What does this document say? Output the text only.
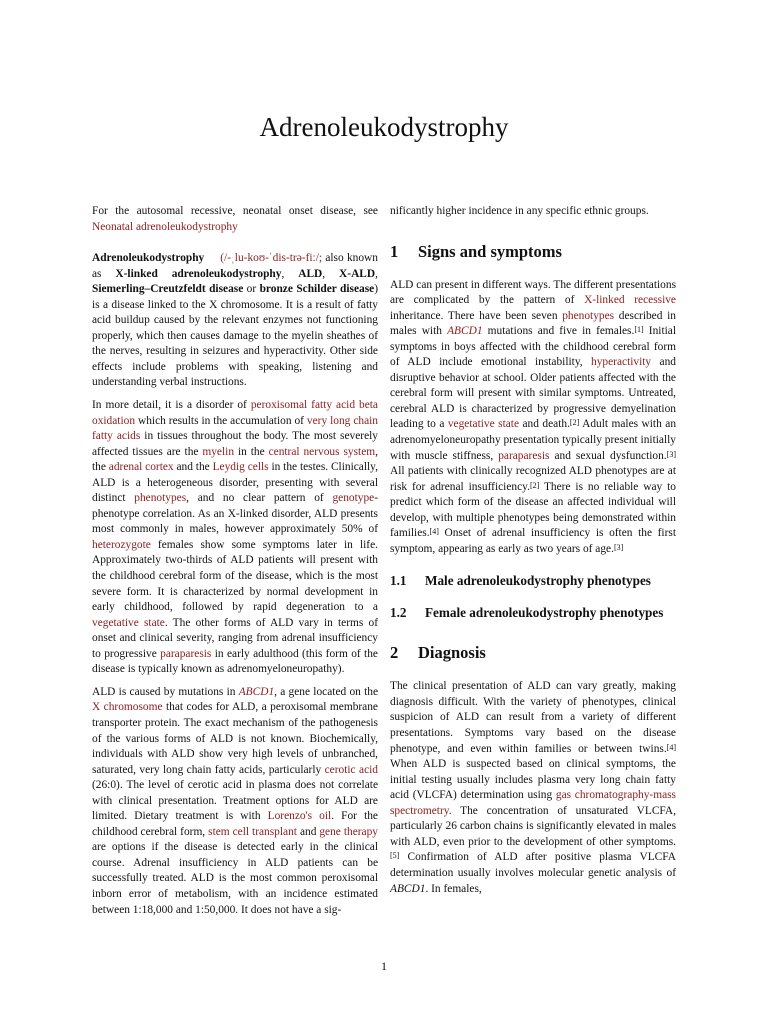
Adrenoleukodystrophy

For the autosomal recessive, neonatal onset disease, see Neonatal adrenoleukodystrophy

Adrenoleukodystrophy (/-ˌlu-koʊ-ˈdis-trə-fiː/; also known as X-linked adrenoleukodystrophy, ALD, X-ALD, Siemerling–Creutzfeldt disease or bronze Schilder disease) is a disease linked to the X chromosome. It is a result of fatty acid buildup caused by the relevant enzymes not functioning properly, which then causes damage to the myelin sheathes of the nerves, resulting in seizures and hyperactivity. Other side effects include problems with speaking, listening and understanding verbal instructions.

In more detail, it is a disorder of peroxisomal fatty acid beta oxidation which results in the accumulation of very long chain fatty acids in tissues throughout the body. The most severely affected tissues are the myelin in the central nervous system, the adrenal cortex and the Leydig cells in the testes. Clinically, ALD is a heterogeneous disorder, presenting with several distinct phenotypes, and no clear pattern of genotype-phenotype correlation. As an X-linked disorder, ALD presents most commonly in males, however approximately 50% of heterozygote females show some symptoms later in life. Approximately two-thirds of ALD patients will present with the childhood cerebral form of the disease, which is the most severe form. It is characterized by normal development in early childhood, followed by rapid degeneration to a vegetative state. The other forms of ALD vary in terms of onset and clinical severity, ranging from adrenal insufficiency to progressive paraparesis in early adulthood (this form of the disease is typically known as adrenomyeloneuropathy).

ALD is caused by mutations in ABCD1, a gene located on the X chromosome that codes for ALD, a peroxisomal membrane transporter protein. The exact mechanism of the pathogenesis of the various forms of ALD is not known. Biochemically, individuals with ALD show very high levels of unbranched, saturated, very long chain fatty acids, particularly cerotic acid (26:0). The level of cerotic acid in plasma does not correlate with clinical presentation. Treatment options for ALD are limited. Dietary treatment is with Lorenzo's oil. For the childhood cerebral form, stem cell transplant and gene therapy are options if the disease is detected early in the clinical course. Adrenal insufficiency in ALD patients can be successfully treated. ALD is the most common peroxisomal inborn error of metabolism, with an incidence estimated between 1:18,000 and 1:50,000. It does not have a sig-

nificantly higher incidence in any specific ethnic groups.

1 Signs and symptoms

ALD can present in different ways. The different presentations are complicated by the pattern of X-linked recessive inheritance. There have been seven phenotypes described in males with ABCD1 mutations and five in females.[1] Initial symptoms in boys affected with the childhood cerebral form of ALD include emotional instability, hyperactivity and disruptive behavior at school. Older patients affected with the cerebral form will present with similar symptoms. Untreated, cerebral ALD is characterized by progressive demyelination leading to a vegetative state and death.[2] Adult males with an adrenomyeloneuropathy presentation typically present initially with muscle stiffness, paraparesis and sexual dysfunction.[3] All patients with clinically recognized ALD phenotypes are at risk for adrenal insufficiency.[2] There is no reliable way to predict which form of the disease an affected individual will develop, with multiple phenotypes being demonstrated within families.[4] Onset of adrenal insufficiency is often the first symptom, appearing as early as two years of age.[3]

1.1	Male adrenoleukodystrophy phenotypes
1.2	Female adrenoleukodystrophy phenotypes
2 Diagnosis

The clinical presentation of ALD can vary greatly, making diagnosis difficult. With the variety of phenotypes, clinical suspicion of ALD can result from a variety of different presentations. Symptoms vary based on the disease phenotype, and even within families or between twins.[4] When ALD is suspected based on clinical symptoms, the initial testing usually includes plasma very long chain fatty acid (VLCFA) determination using gas chromatography-mass spectrometry. The concentration of unsaturated VLCFA, particularly 26 carbon chains is significantly elevated in males with ALD, even prior to the development of other symptoms.[5] Confirmation of ALD after positive plasma VLCFA determination usually involves molecular genetic analysis of ABCD1. In females,

1
